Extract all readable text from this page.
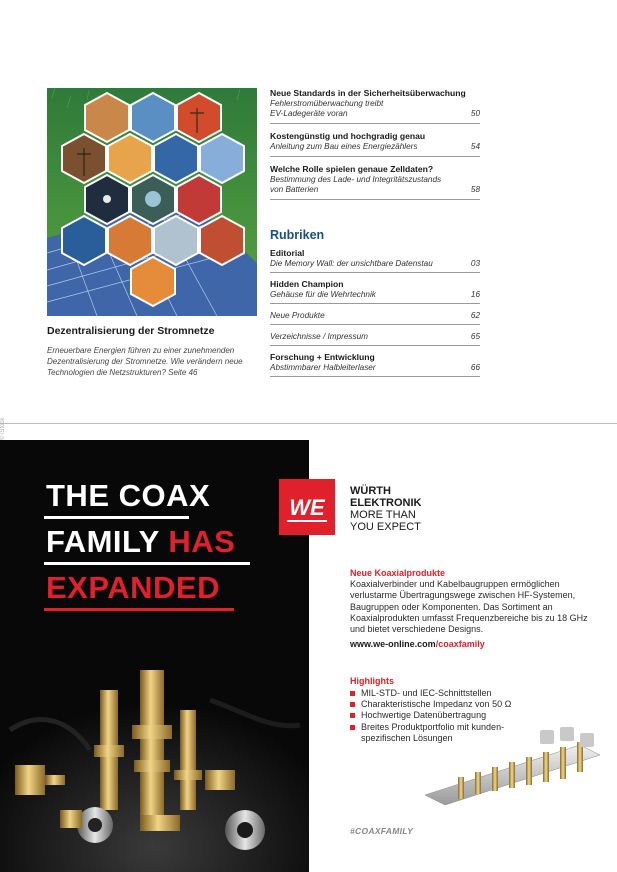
Dezentralisierung der Stromnetze
Erneuerbare Energien führen zu einer zunehmenden Dezentralisierung der Stromnetze. Wie verändern neue Technologien die Netzstrukturen? Seite 46
Neue Standards in der Sicherheitsüberwachung
Fehlerstromüberwachung treibt
EV-Ladegeräte voran	50
Kostengünstig und hochgradig genau
Anleitung zum Bau eines Energiezählers	54
Welche Rolle spielen genaue Zelldaten?
Bestimmung des Lade- und Integritätszustands
von Batterien	58
Rubriken
Editorial
Die Memory Wall: der unsichtbare Datenstau	03
Hidden Champion
Gehäuse für die Wehrtechnik	16
Neue Produkte	62
Verzeichnisse / Impressum	65
Forschung + Entwicklung
Abstimmbarer Halbleiterlaser	66
THE COAX
FAMILY HAS
EXPANDED
© iStock
WE
WÜRTH
ELEKTRONIK
MORE THAN
YOU EXPECT
Neue Koaxialprodukte
Koaxialverbinder und Kabelbaugruppen ermöglichen verlustarme Übertragungswege zwischen HF-Systemen, Baugruppen oder Komponenten. Das Sortiment an Koaxialprodukten umfasst Frequenzbereiche bis zu 18 GHz und bietet verschiedene Designs.
www.we-online.com/coaxfamily
Highlights
MIL-STD- und IEC-Schnittstellen
Charakteristische Impedanz von 50 Ω
Hochwertige Datenübertragung
Breites Produktportfolio mit kunden-spezifischen Lösungen
#COAXFAMILY
